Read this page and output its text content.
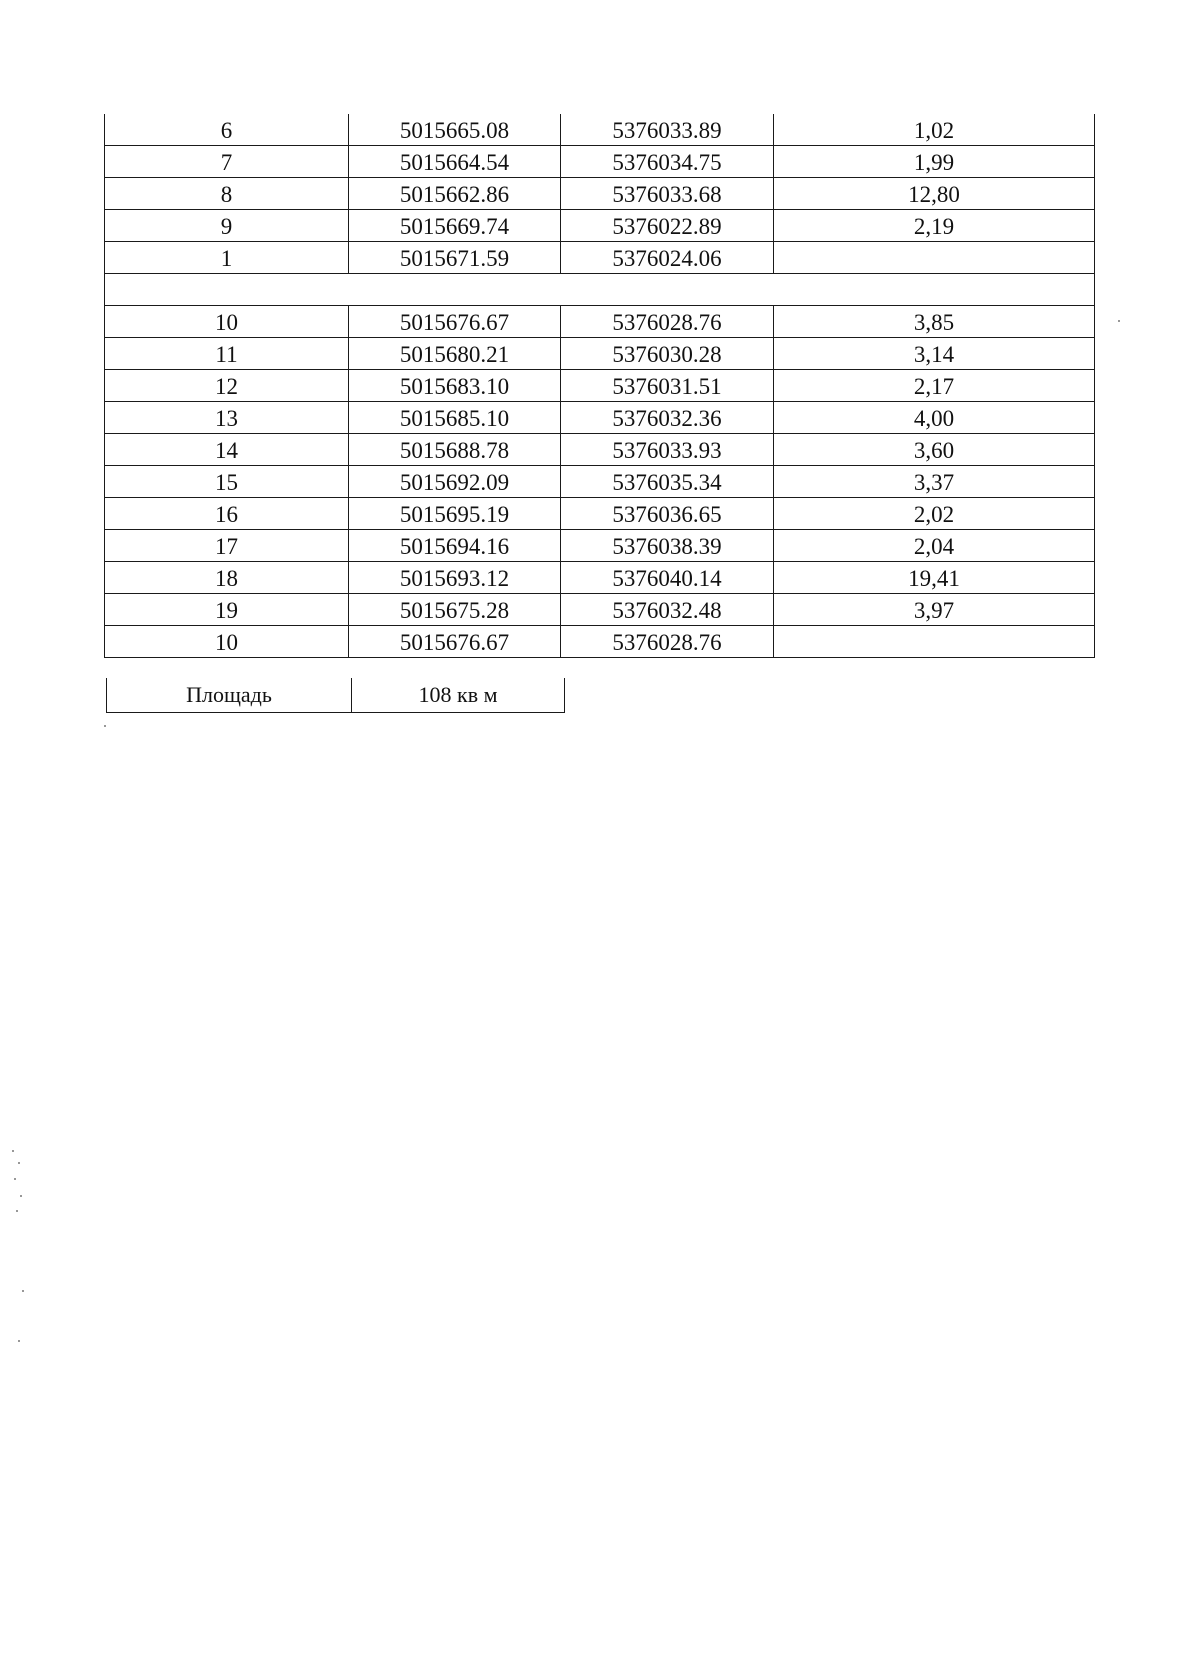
6	5015665.08	5376033.89	1,02
7	5015664.54	5376034.75	1,99
8	5015662.86	5376033.68	12,80
9	5015669.74	5376022.89	2,19
1	5015671.59	5376024.06	

10	5015676.67	5376028.76	3,85
11	5015680.21	5376030.28	3,14
12	5015683.10	5376031.51	2,17
13	5015685.10	5376032.36	4,00
14	5015688.78	5376033.93	3,60
15	5015692.09	5376035.34	3,37
16	5015695.19	5376036.65	2,02
17	5015694.16	5376038.39	2,04
18	5015693.12	5376040.14	19,41
19	5015675.28	5376032.48	3,97
10	5015676.67	5376028.76	
Площадь	108 кв м
